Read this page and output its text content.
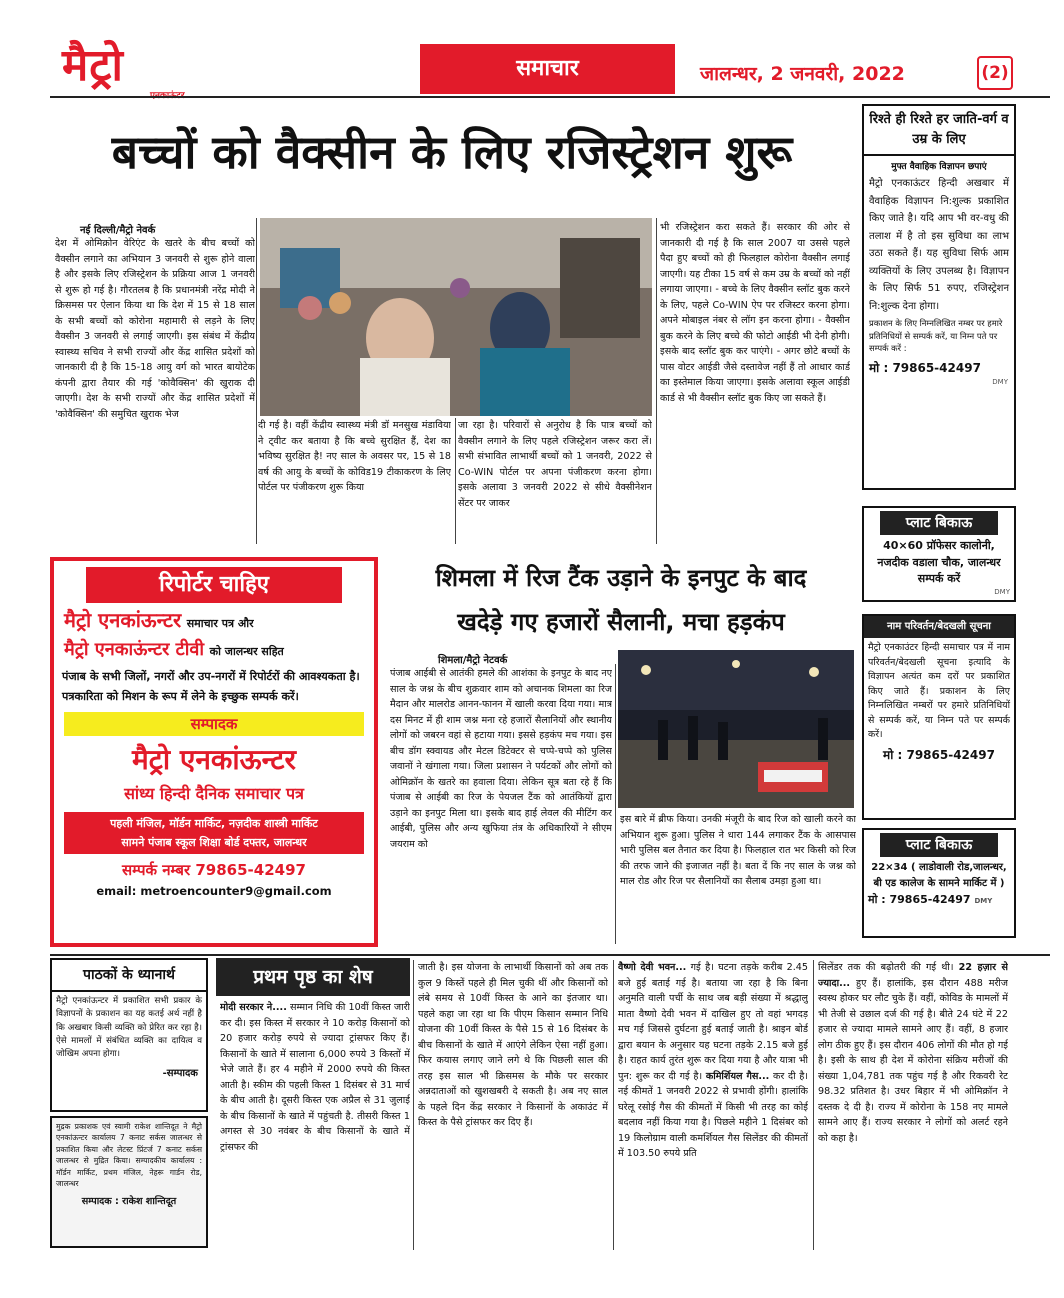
मैट्रो	समाचार	जालन्धर, 2 जनवरी, 2022	(2)
बच्चों को वैक्सीन के लिए रजिस्ट्रेशन शुरू
नई दिल्ली/मैट्रो नेवर्क
देश में ओमिक्रोन वेरिएंट के खतरे के बीच बच्चों को वैक्सीन लगाने का अभियान 3 जनवरी से शुरू होने वाला है और इसके लिए रजिस्ट्रेशन के प्रक्रिया आज 1 जनवरी से शुरू हो गई है। गौरतलब है कि प्रधानमंत्री नरेंद्र मोदी ने क्रिसमस पर ऐलान किया था कि देश में 15 से 18 साल के सभी बच्चों को कोरोना महामारी से लड़ने के लिए वैक्सीन 3 जनवरी से लगाई जाएगी। इस संबंध में केंद्रीय स्वास्थ्य सचिव ने सभी राज्यों और केंद्र शासित प्रदेशों को जानकारी दी है कि 15-18 आयु वर्ग को भारत बायोटेक कंपनी द्वारा तैयार की गई 'कोवैक्सिन' की खुराक दी जाएगी। देश के सभी राज्यों और केंद्र शासित प्रदेशों में 'कोवैक्सिन' की समुचित खुराक भेज
दी गई है। वहीं केंद्रीय स्वास्थ्य मंत्री डॉ मनसुख मंडाविया ने ट्वीट कर बताया है कि बच्चे सुरक्षित हैं, देश का भविष्य सुरक्षित है! नए साल के अवसर पर, 15 से 18 वर्ष की आयु के बच्चों के कोविड19 टीकाकरण के लिए पोर्टल पर पंजीकरण शुरू किया
जा रहा है। परिवारों से अनुरोध है कि पात्र बच्चों को वैक्सीन लगाने के लिए पहले रजिस्ट्रेशन जरूर करा लें। सभी संभावित लाभार्थी बच्चों को 1 जनवरी, 2022 से Co-WIN पोर्टल पर अपना पंजीकरण करना होगा। इसके अलावा 3 जनवरी 2022 से सीधे वैक्सीनेशन सेंटर पर जाकर
भी रजिस्ट्रेशन करा सकते हैं। सरकार की ओर से जानकारी दी गई है कि साल 2007 या उससे पहले पैदा हुए बच्चों को ही फिलहाल कोरोना वैक्सीन लगाई जाएगी। यह टीका 15 वर्ष से कम उम्र के बच्चों को नहीं लगाया जाएगा। - बच्चे के लिए वैक्सीन स्लॉट बुक करने के लिए, पहले Co-WIN ऐप पर रजिस्टर करना होगा। अपने मोबाइल नंबर से लॉग इन करना होगा। - वैक्सीन बुक करने के लिए बच्चे की फोटो आईडी भी देनी होगी। इसके बाद स्लॉट बुक कर पाएंगे। - अगर छोटे बच्चों के पास वोटर आईडी जैसे दस्तावेज नहीं हैं तो आधार कार्ड का इस्तेमाल किया जाएगा। इसके अलावा स्कूल आईडी कार्ड से भी वैक्सीन स्लॉट बुक किए जा सकते हैं।
रिश्ते ही रिश्ते हर जाति-वर्ग व उम्र के लिए
मुफ्त वैवाहिक विज्ञापन छपाएं
मैट्रो एनकाऊंटर हिन्दी अखबार में वैवाहिक विज्ञापन नि:शुल्क प्रकाशित किए जाते है। यदि आप भी वर-वधु की तलाश में है तो इस सुविधा का लाभ उठा सकते हैं। यह सुविधा सिर्फ आम व्यक्तियों के लिए उपलब्ध है। विज्ञापन के लिए सिर्फ 51 रुपए, रजिस्ट्रेशन नि:शुल्क देना होगा।
प्रकाशन के लिए निम्नलिखित नम्बर पर हमारे प्रतिनिधियों से सम्पर्क करें, या निम्न पते पर सम्पर्क करें :
मो : 79865-42497
DMY
प्लाट बिकाऊ
40×60 प्रॉफेसर कालोनी, नजदीक वडाला चौक, जालन्धर सम्पर्क करें
DMY
नाम परिवर्तन/बेदखली सूचना
मैट्रो एनकाउंटर हिन्दी समाचार पत्र में नाम परिवर्तन/बेदखली सूचना इत्यादि के विज्ञापन अत्यंत कम दरों पर प्रकाशित किए जाते हैं। प्रकाशन के लिए निम्नलिखित नम्बरों पर हमारे प्रतिनिधियों से सम्पर्क करें, या निम्न पते पर सम्पर्क करें।
मो : 79865-42497
प्लाट बिकाऊ
22×34 ( लाडोवाली रोड,जालन्धर, बी एड कालेज के सामने मार्किट में )
मो : 79865-42497 DMY
रिपोर्टर चाहिए
मैट्रो एनकांऊन्टर समाचार पत्र और
मैट्रो एनकाऊंन्टर टीवी को जालन्धर सहित
पंजाब के सभी जिलों, नगरों और उप-नगरों में रिपोर्टरों की आवश्यकता है। पत्रकारिता को मिशन के रूप में लेने के इच्छुक सम्पर्क करें।
सम्पादक
मैट्रो एनकांऊन्टर
सांध्य हिन्दी दैनिक समाचार पत्र
पहली मंजिल, मॉर्डन मार्किट, नज़दीक शास्त्री मार्किट
सामने पंजाब स्कूल शिक्षा बोर्ड दफ्तर, जालन्धर
सम्पर्क नम्बर 79865-42497
email: metroencounter9@gmail.com
शिमला में रिज टैंक उड़ाने के इनपुट के बाद
खदेड़े गए हजारों सैलानी, मचा हड़कंप
शिमला/मैट्रो नेटवर्क
पंजाब आईबी से आतंकी हमले की आशंका के इनपुट के बाद नए साल के जश्न के बीच शुक्रवार शाम को अचानक शिमला का रिज मैदान और मालरोड आनन-फानन में खाली करवा दिया गया। मात्र दस मिनट में ही शाम जश्न मना रहे हजारों सैलानियों और स्थानीय लोगों को जबरन वहां से हटाया गया। इससे हड़कंप मच गया। इस बीच डॉग स्क्वायड और मेटल डिटेक्टर से चप्पे-चप्पे को पुलिस जवानों ने खंगाला गया। जिला प्रशासन ने पर्यटकों और लोगों को ओमिक्रॉन के खतरे का हवाला दिया। लेकिन सूत्र बता रहे हैं कि पंजाब से आईबी का रिज के पेयजल टैंक को आतंकियों द्वारा उड़ाने का इनपुट मिला था। इसके बाद हाई लेवल की मीटिंग कर आईबी, पुलिस और अन्य खुफिया तंत्र के अधिकारियों ने सीएम जयराम को
इस बारे में ब्रीफ किया। उनकी मंजूरी के बाद रिज को खाली करने का अभियान शुरू हुआ। पुलिस ने धारा 144 लगाकर टैंक के आसपास भारी पुलिस बल तैनात कर दिया है। फिलहाल रात भर किसी को रिज की तरफ जाने की इजाजत नहीं है। बता दें कि नए साल के जश्न को माल रोड और रिज पर सैलानियों का सैलाब उमड़ा हुआ था।
पाठकों के ध्यानार्थ
मैट्रो एनकांऊन्टर में प्रकाशित सभी प्रकार के विज्ञापनों के प्रकाशन का यह कतई अर्थ नहीं है कि अखबार किसी व्यक्ति को प्रेरित कर रहा है। ऐसे मामलों में संबंधित व्यक्ति का दायित्व व जोखिम अपना होगा।
-सम्पादक
मुद्रक प्रकाशक एवं स्वामी राकेश शान्तिदूत ने मैट्रो एनकांऊन्टर कार्यालय 7 कनाट सर्कस जालन्धर से प्रकाशित किया और लेटस्ट प्रिंटर्ज 7 कनाट सर्कस जालन्धर से मुद्रित किया। सम्पादकीय कार्यालय : मॉर्डन मार्किट, प्रथम मंजिल, नेहरू गार्डन रोड, जालन्धर
सम्पादक : राकेश शान्तिदूत
प्रथम पृष्ठ का शेष
मोदी सरकार ने.... सम्मान निधि की 10वीं किस्त जारी कर दी। इस किस्त में सरकार ने 10 करोड़ किसानों को 20 हजार करोड़ रुपये से ज्यादा ट्रांसफर किए हैं। किसानों के खाते में सालाना 6,000 रुपये 3 किस्तों में भेजे जाते हैं। हर 4 महीने में 2000 रुपये की किस्त आती है। स्कीम की पहली किस्त 1 दिसंबर से 31 मार्च के बीच आती है। दूसरी किस्त एक अप्रैल से 31 जुलाई के बीच किसानों के खाते में पहुंचती है. तीसरी किस्त 1 अगस्त से 30 नवंबर के बीच किसानों के खाते में ट्रांसफर की
जाती है। इस योजना के लाभार्थी किसानों को अब तक कुल 9 किस्तें पहले ही मिल चुकी थीं और किसानों को लंबे समय से 10वीं किस्त के आने का इंतजार था। पहले कहा जा रहा था कि पीएम किसान सम्मान निधि योजना की 10वीं किस्त के पैसे 15 से 16 दिसंबर के बीच किसानों के खाते में आएंगे लेकिन ऐसा नहीं हुआ। फिर कयास लगाए जाने लगे थे कि पिछली साल की तरह इस साल भी क्रिसमस के मौके पर सरकार अन्नदाताओं को खुशखबरी दे सकती है। अब नए साल के पहले दिन केंद्र सरकार ने किसानों के अकाउंट में किस्त के पैसे ट्रांसफर कर दिए हैं।
वैष्णो देवी भवन... गई है। घटना तड़के करीब 2.45 बजे हुई बताई गई है। बताया जा रहा है कि बिना अनुमति वाली पर्ची के साथ जब बड़ी संख्या में श्रद्धालु माता वैष्णो देवी भवन में दाखिल हुए तो वहां भगदड़ मच गई जिससे दुर्घटना हुई बताई जाती है। श्राइन बोर्ड द्वारा बयान के अनुसार यह घटना तड़के 2.15 बजे हुई है। राहत कार्य तुरंत शुरू कर दिया गया है और यात्रा भी पुन: शुरू कर दी गई है। कमिर्शियल गैस... कर दी है। नई कीमतें 1 जनवरी 2022 से प्रभावी होंगी। हालांकि घरेलू रसोई गैस की कीमतों में किसी भी तरह का कोई बदलाव नहीं किया गया है। पिछले महीने 1 दिसंबर को 19 किलोग्राम वाली कमर्शियल गैस सिलेंडर की कीमतों में 103.50 रुपये प्रति
सिलेंडर तक की बढ़ोतरी की गई थी। 22 हज़ार से ज्यादा... हुए हैं। हालांकि, इस दौरान 488 मरीज स्वस्थ होकर घर लौट चुके हैं। वहीं, कोविड के मामलों में भी तेजी से उछाल दर्ज की गई है। बीते 24 घंटे में 22 हजार से ज्यादा मामले सामने आए हैं। वहीं, 8 हजार लोग ठीक हुए हैं। इस दौरान 406 लोगों की मौत हो गई है। इसी के साथ ही देश में कोरोना संक्रिय मरीजों की संख्या 1,04,781 तक पहुंच गई है और रिकवरी रेट 98.32 प्रतिशत है। उधर बिहार में भी ओमिक्रॉन ने दस्तक दे दी है। राज्य में कोरोना के 158 नए मामले सामने आए हैं। राज्य सरकार ने लोगों को अलर्ट रहने को कहा है।
